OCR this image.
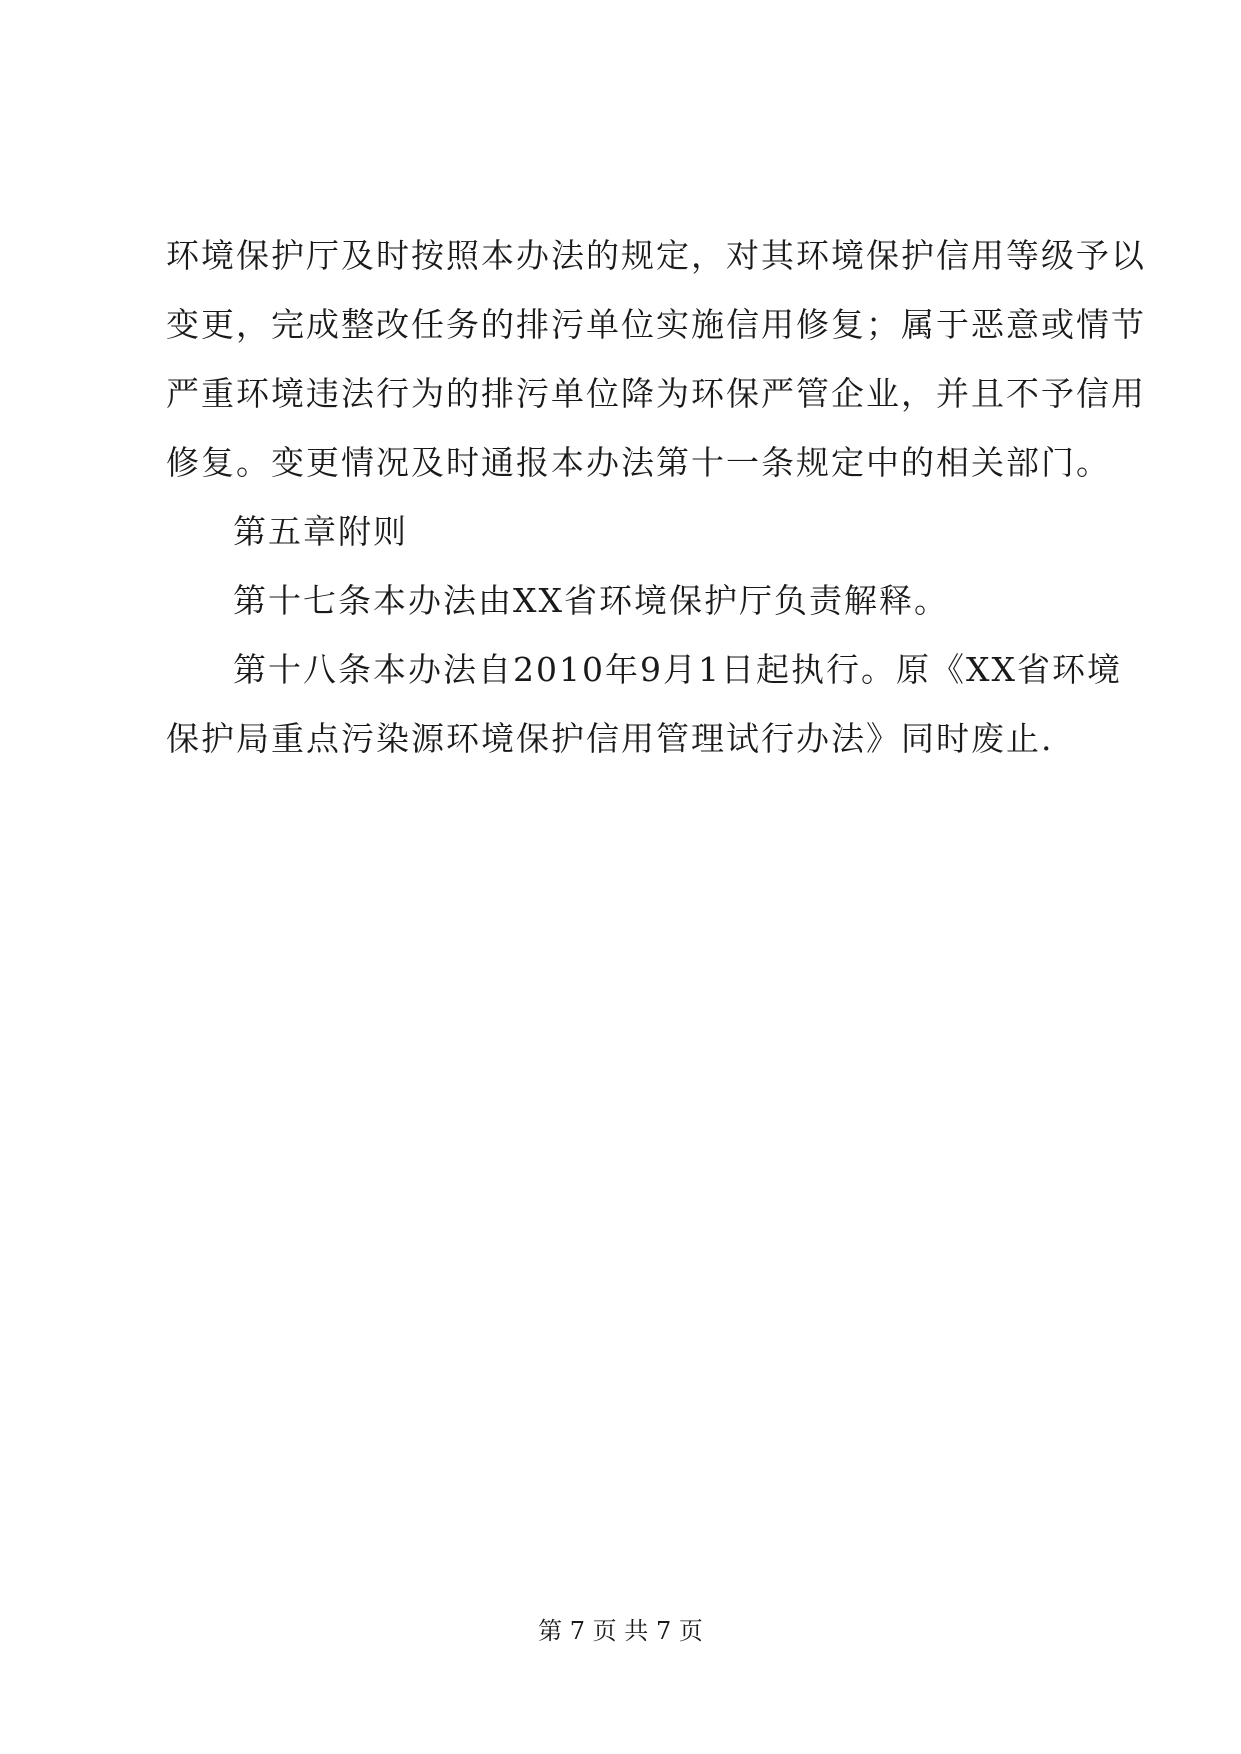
环境保护厅及时按照本办法的规定，对其环境保护信用等级予以
变更，完成整改任务的排污单位实施信用修复；属于恶意或情节
严重环境违法行为的排污单位降为环保严管企业，并且不予信用
修复。变更情况及时通报本办法第十一条规定中的相关部门。
第五章附则
第十七条本办法由XX省环境保护厅负责解释。
第十八条本办法自2010年9月1日起执行。原《XX省环境
保护局重点污染源环境保护信用管理试行办法》同时废止.
第 7 页 共 7 页
